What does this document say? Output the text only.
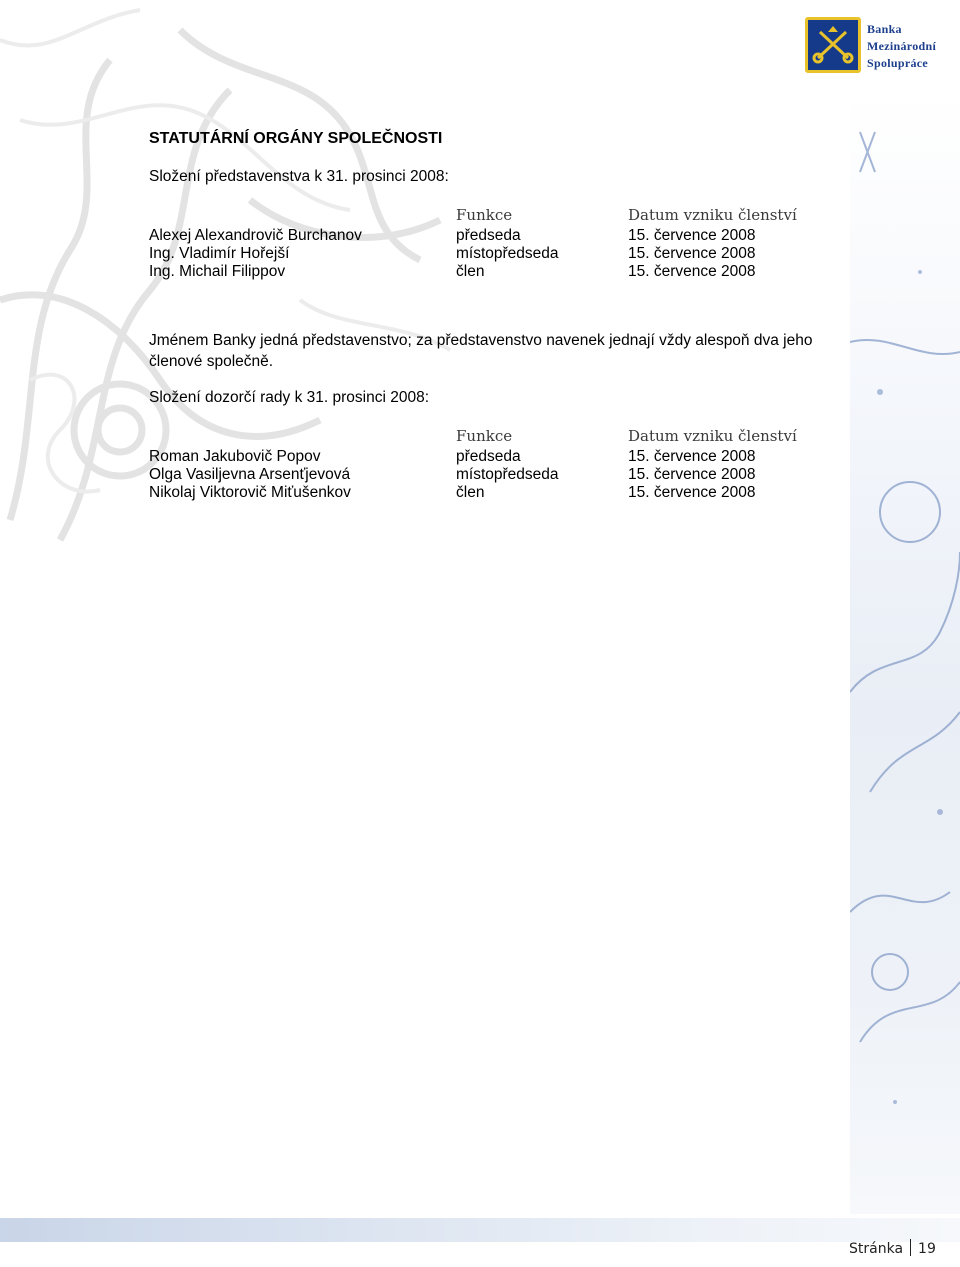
Banka
Mezinárodní
Spolupráce
STATUTÁRNÍ ORGÁNY SPOLEČNOSTI
Složení představenstva k 31. prosinci 2008:
	Funkce	Datum vzniku členství
Alexej Alexandrovič Burchanov	předseda	15. července 2008
Ing. Vladimír Hořejší	místopředseda	15. července 2008
Ing. Michail Filippov	člen	15. července 2008
Jménem Banky jedná představenstvo; za představenstvo navenek jednají vždy alespoň dva jeho členové společně.
Složení dozorčí rady k 31. prosinci 2008:
	Funkce	Datum vzniku členství
Roman Jakubovič Popov	předseda	15. července 2008
Olga Vasiljevna Arsenťjevová	místopředseda	15. července 2008
Nikolaj Viktorovič Miťušenkov	člen	15. července 2008
Stránka 19
